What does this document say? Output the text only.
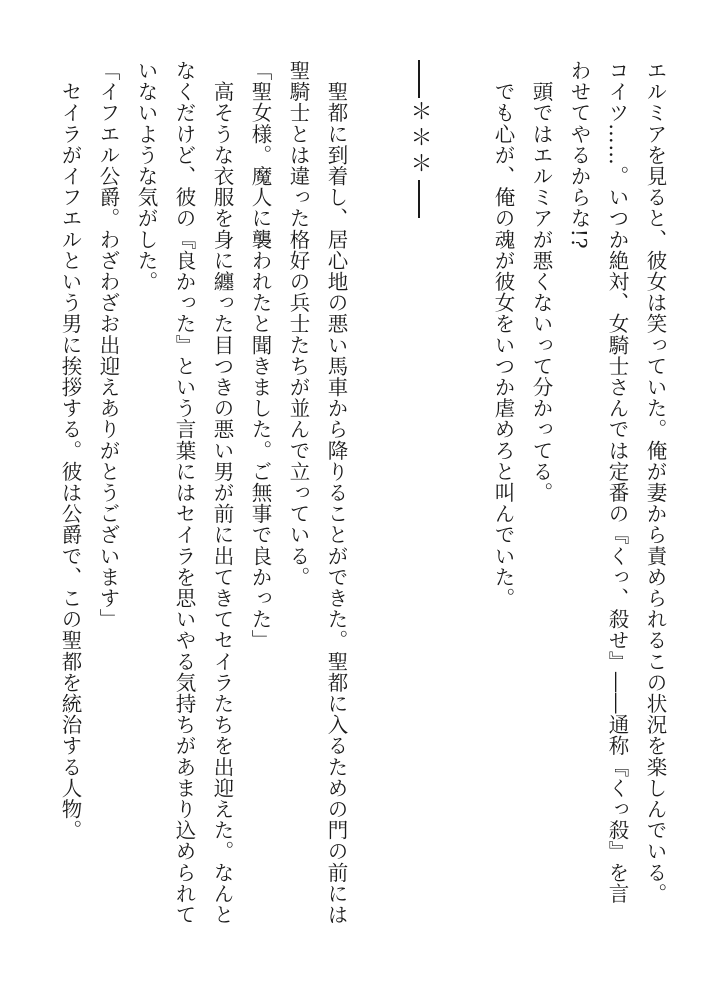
エルミアを見ると、彼女は笑っていた。俺が妻から責められるこの状況を楽しんでいる。
コイツ……。いつか絶対、女騎士さんでは定番の『くっ、殺せ』――通称『くっ殺』を言
わせてやるからな!?
　頭ではエルミアが悪くないって分かってる。
　でも心が、俺の魂が彼女をいつか虐めろと叫んでいた。
＊＊＊
　聖都に到着し、居心地の悪い馬車から降りることができた。聖都に入るための門の前には
聖騎士とは違った格好の兵士たちが並んで立っている。
「聖女様。魔人に襲われたと聞きました。ご無事で良かった」
　高そうな衣服を身に纏った目つきの悪い男が前に出てきてセイラたちを出迎えた。なんと
なくだけど、彼の『良かった』という言葉にはセイラを思いやる気持ちがあまり込められて
いないような気がした。
「イフエル公爵。わざわざお出迎えありがとうございます」
　セイラがイフエルという男に挨拶する。彼は公爵で、この聖都を統治する人物。
